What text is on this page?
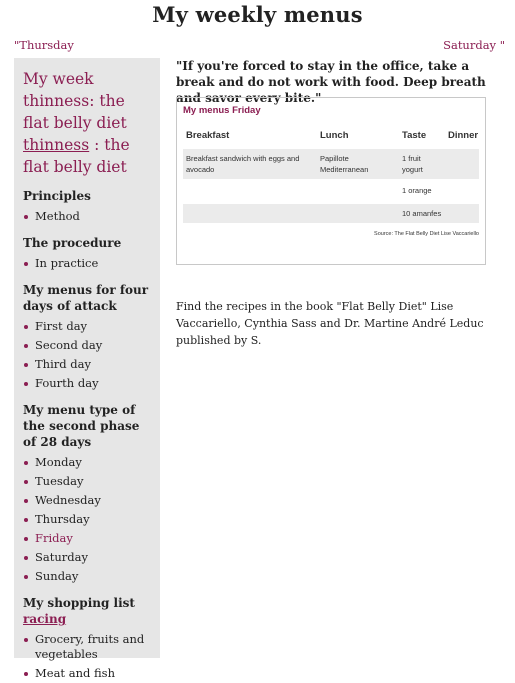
My weekly menus
"Thursday	Saturday "
My week thinness: the flat belly diet thinness : the flat belly diet
Principles
Method
The procedure
In practice
My menus for four days of attack
First day
Second day
Third day
Fourth day
My menu type of the second phase of 28 days
Monday
Tuesday
Wednesday
Thursday
Friday
Saturday
Sunday
My shopping list racing
Grocery, fruits and vegetables
Meat and fish
"If you're forced to stay in the office, take a break and do not work with food. Deep breath and savor every bite."
My menus Friday
Breakfast	Lunch	Taste	Dinner
Breakfast sandwich with eggs and avocado	Papillote Mediterranean	1 fruit yogurt	
		1 orange	
		10 amanfes	
Source: The Flat Belly Diet Lise Vaccariello
Find the recipes in the book "Flat Belly Diet" Lise Vaccariello, Cynthia Sass and Dr. Martine André Leduc published by S.
